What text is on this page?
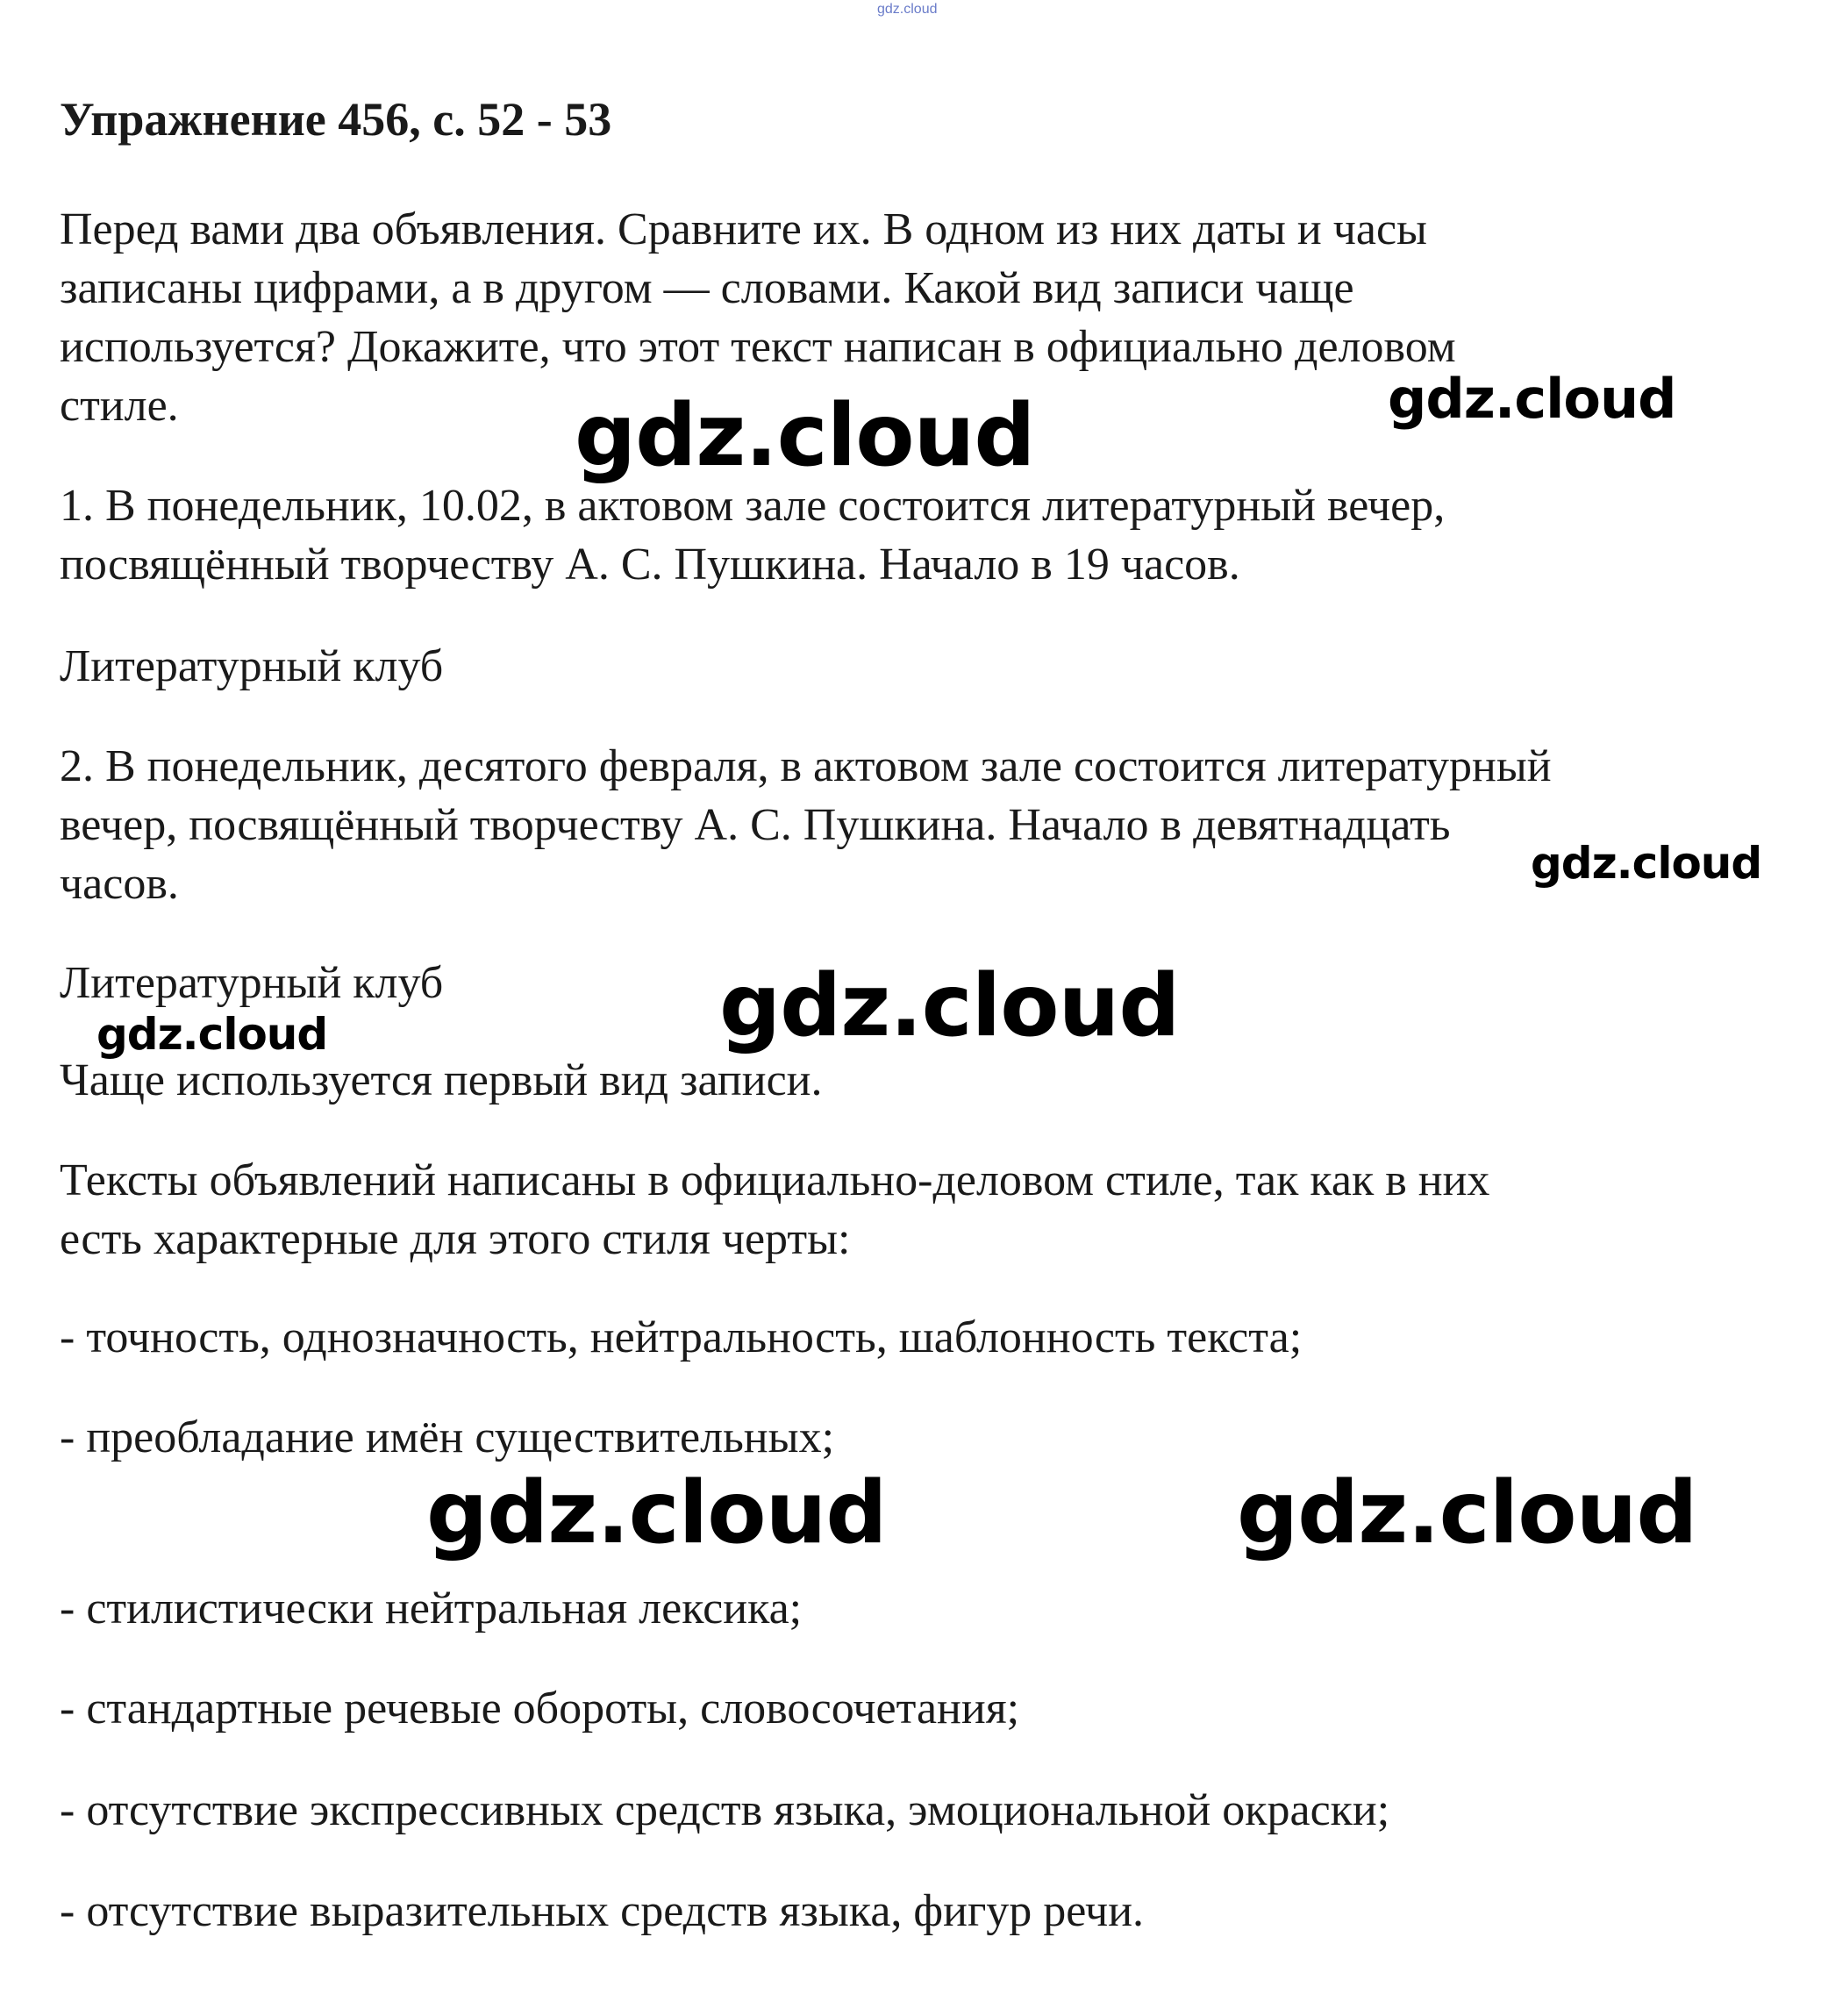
gdz.cloud
Упражнение 456, с. 52 - 53
Перед вами два объявления. Сравните их. В одном из них даты и часы
записаны цифрами, а в другом — словами. Какой вид записи чаще
используется? Докажите, что этот текст написан в официально деловом
стиле.
1. В понедельник, 10.02, в актовом зале состоится литературный вечер,
посвящённый творчеству А. С. Пушкина. Начало в 19 часов.
Литературный клуб
2. В понедельник, десятого февраля, в актовом зале состоится литературный
вечер, посвящённый творчеству А. С. Пушкина. Начало в девятнадцать
часов.
Литературный клуб
Чаще используется первый вид записи.
Тексты объявлений написаны в официально-деловом стиле, так как в них
есть характерные для этого стиля черты:
- точность, однозначность, нейтральность, шаблонность текста;
- преобладание имён существительных;
- стилистически нейтральная лексика;
- стандартные речевые обороты, словосочетания;
- отсутствие экспрессивных средств языка, эмоциональной окраски;
- отсутствие выразительных средств языка, фигур речи.
gdz.cloud	gdz.cloud
gdz.cloud
gdz.cloud
gdz.cloud
gdz.cloud	gdz.cloud
